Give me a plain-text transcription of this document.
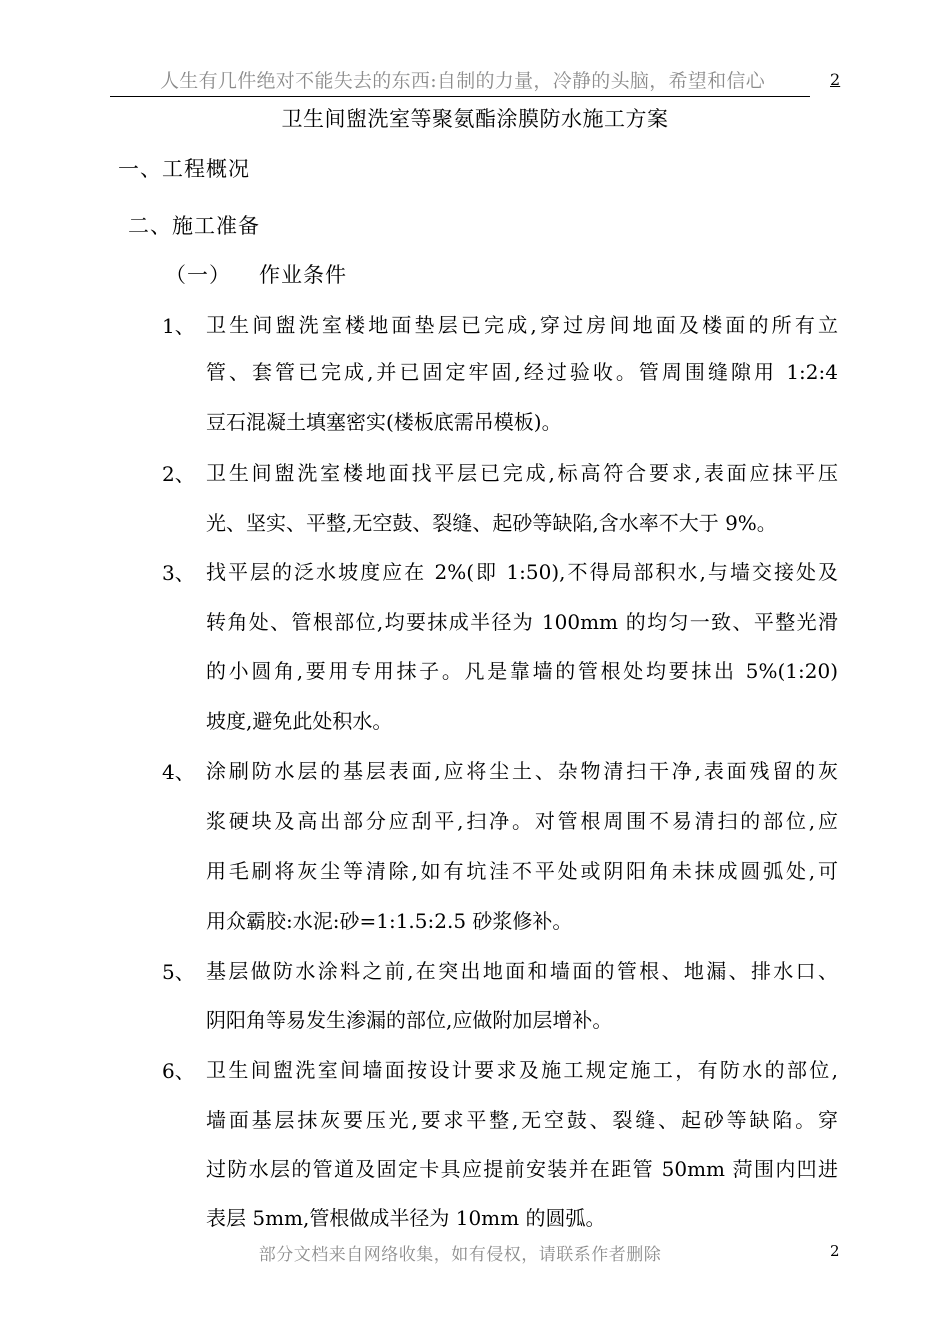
人生有几件绝对不能失去的东西:自制的力量，冷静的头脑，希望和信心	2
卫生间盥洗室等聚氨酯涂膜防水施工方案
一、工程概况
二、施工准备
（一） 作业条件
1、 卫生间盥洗室楼地面垫层已完成,穿过房间地面及楼面的所有立
管、套管已完成,并已固定牢固,经过验收。管周围缝隙用 1:2:4
豆石混凝土填塞密实(楼板底需吊模板)。
2、 卫生间盥洗室楼地面找平层已完成,标高符合要求,表面应抹平压
光、坚实、平整,无空鼓、裂缝、起砂等缺陷,含水率不大于 9%。
3、 找平层的泛水坡度应在 2%(即 1:50),不得局部积水,与墙交接处及
转角处、管根部位,均要抹成半径为 100mm 的均匀一致、平整光滑
的小圆角,要用专用抹子。凡是靠墙的管根处均要抹出 5%(1:20)
坡度,避免此处积水。
4、 涂刷防水层的基层表面,应将尘土、杂物清扫干净,表面残留的灰
浆硬块及高出部分应刮平,扫净。对管根周围不易清扫的部位,应
用毛刷将灰尘等清除,如有坑洼不平处或阴阳角未抹成圆弧处,可
用众霸胶:水泥:砂=1:1.5:2.5 砂浆修补。
5、 基层做防水涂料之前,在突出地面和墙面的管根、地漏、排水口、
阴阳角等易发生渗漏的部位,应做附加层增补。
6、 卫生间盥洗室间墙面按设计要求及施工规定施工，有防水的部位,
墙面基层抹灰要压光,要求平整,无空鼓、裂缝、起砂等缺陷。穿
过防水层的管道及固定卡具应提前安装并在距管 50mm 菏围内凹进
表层 5mm,管根做成半径为 10mm 的圆弧。
部分文档来自网络收集，如有侵权，请联系作者删除	2
